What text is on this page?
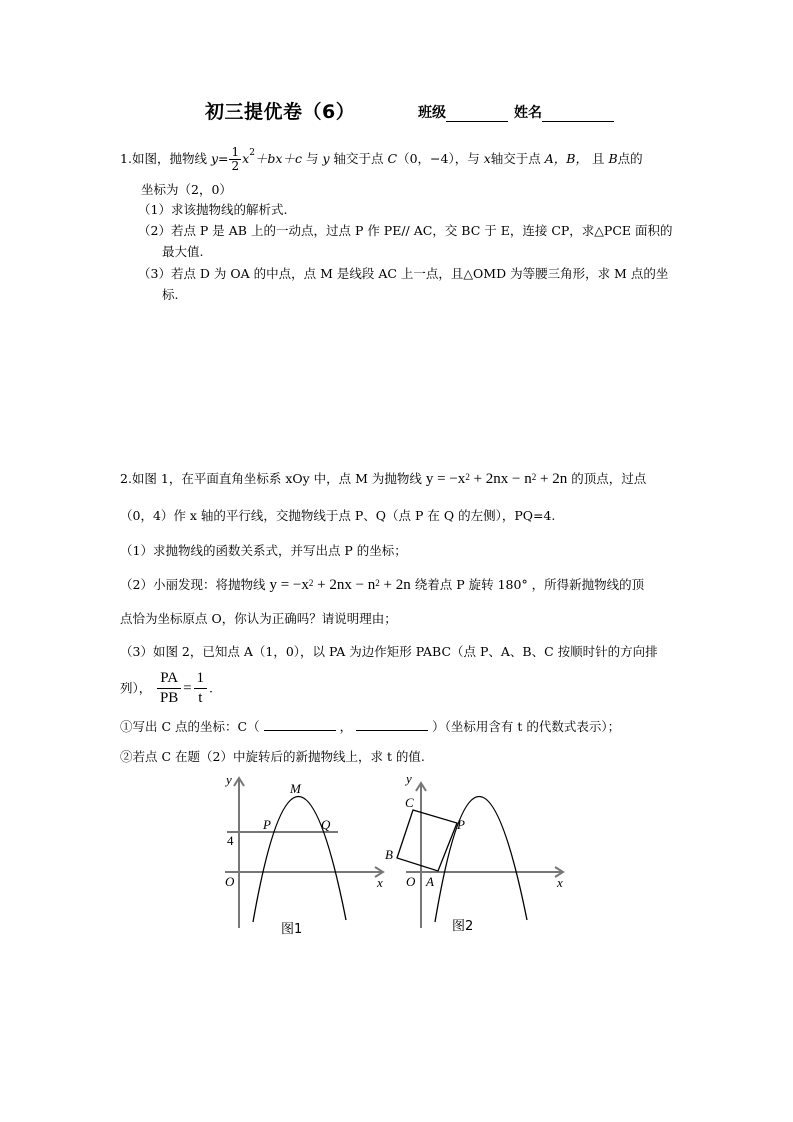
初三提优卷（6）	班级	姓名
1.如图，抛物线 $y= \frac{1}{2} x^2+bx+c$ 与 y 轴交于点 C（0，−4），与 x轴交于点 A，B， 且 B点的
坐标为（2，0）
（1）求该抛物线的解析式.
（2）若点 P 是 AB 上的一动点，过点 P 作 PE// AC，交 BC 于 E，连接 CP，求△PCE 面积的
最大值.
（3）若点 D 为 OA 的中点，点 M 是线段 AC 上一点，且△OMD 为等腰三角形，求 M 点的坐
标.
2.如图 1，在平面直角坐标系 xOy 中，点 M 为抛物线 $y = -x^2 + 2nx - n^2 + 2n$ 的顶点，过点
（0，4）作 x 轴的平行线，交抛物线于点 P、Q（点 P 在 Q 的左侧），PQ=4.
（1）求抛物线的函数关系式，并写出点 P 的坐标；
（2）小丽发现：将抛物线 $y = -x^2 + 2nx - n^2 + 2n$ 绕着点 P 旋转 180° ，所得新抛物线的顶
点恰为坐标原点 O，你认为正确吗？请说明理由；
（3）如图 2，已知点 A（1，0），以 PA 为边作矩形 PABC（点 P、A、B、C 按顺时针的方向排
列）， $\frac{PA}{PB} = \frac{1}{t}$ .
①写出 C 点的坐标：C（	，	）（坐标用含有 t 的代数式表示）；
②若点 C 在题（2）中旋转后的新抛物线上，求 t 的值.
y
x
O
M
P	Q
4
图1
y
x
O A
B
C
P
图2
